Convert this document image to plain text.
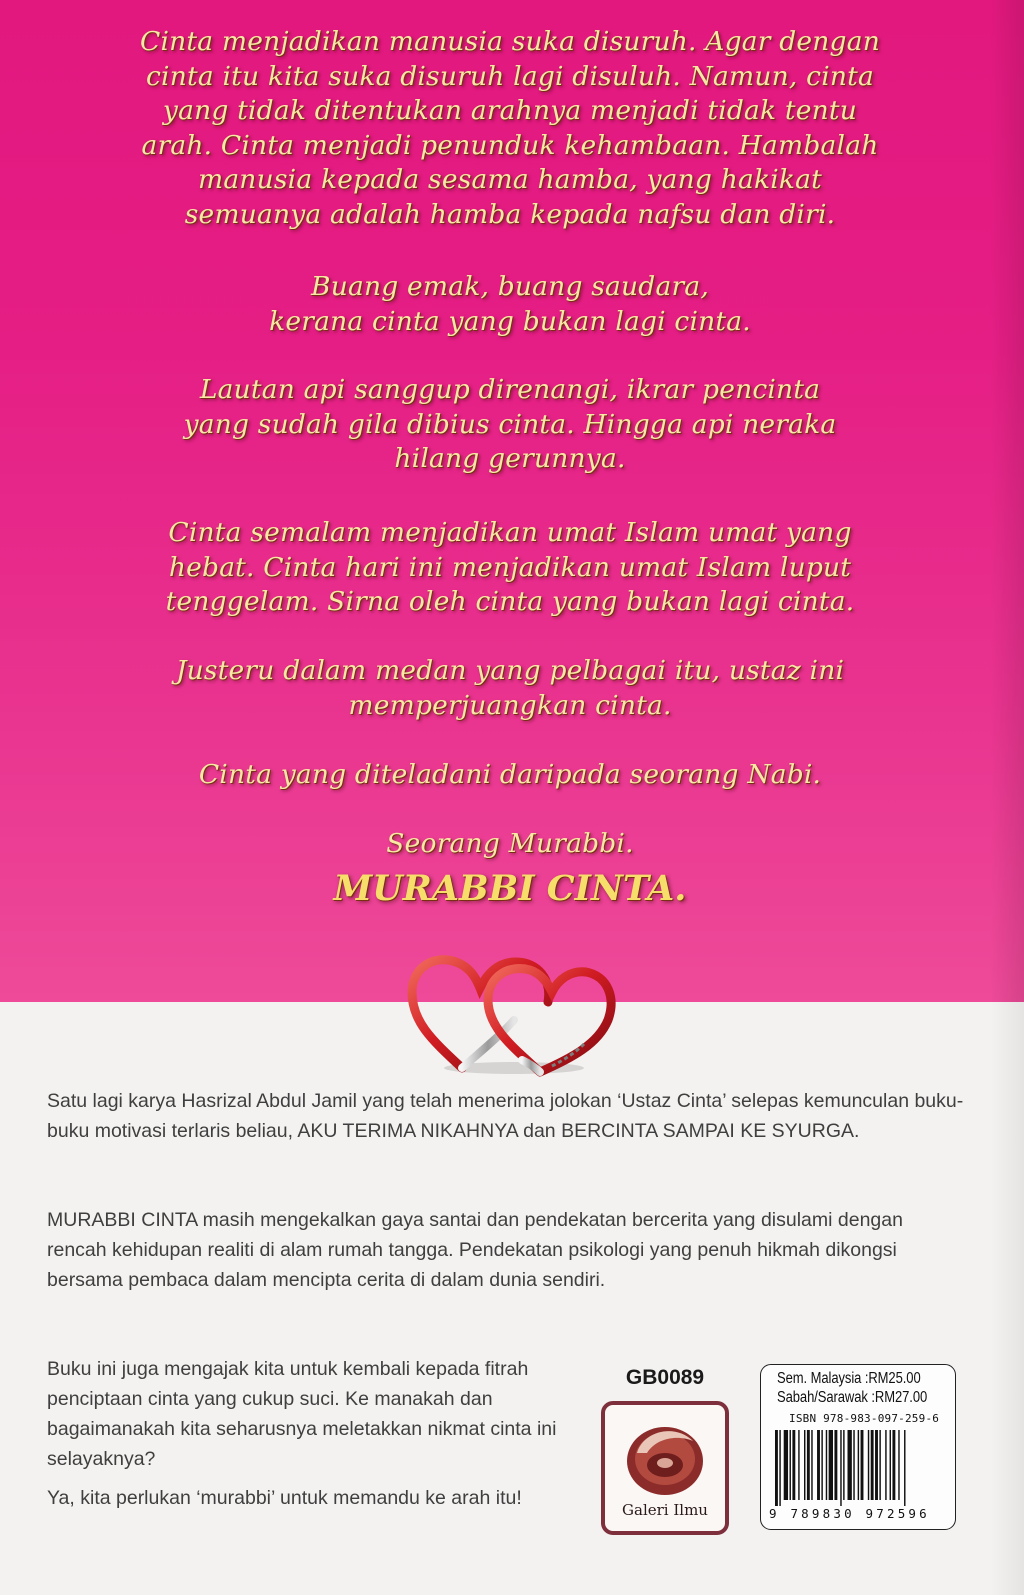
Cinta menjadikan manusia suka disuruh. Agar dengan
cinta itu kita suka disuruh lagi disuluh. Namun, cinta
yang tidak ditentukan arahnya menjadi tidak tentu
arah. Cinta menjadi penunduk kehambaan. Hambalah
manusia kepada sesama hamba, yang hakikat
semuanya adalah hamba kepada nafsu dan diri.

Buang emak, buang saudara,
kerana cinta yang bukan lagi cinta.

Lautan api sanggup direnangi, ikrar pencinta
yang sudah gila dibius cinta. Hingga api neraka
hilang gerunnya.

Cinta semalam menjadikan umat Islam umat yang
hebat. Cinta hari ini menjadikan umat Islam luput
tenggelam. Sirna oleh cinta yang bukan lagi cinta.

Justeru dalam medan yang pelbagai itu, ustaz ini
memperjuangkan cinta.

Cinta yang diteladani daripada seorang Nabi.

Seorang Murabbi.

MURABBI CINTA.

Satu lagi karya Hasrizal Abdul Jamil yang telah menerima jolokan ‘Ustaz Cinta’ selepas kemunculan buku-buku motivasi terlaris beliau, AKU TERIMA NIKAHNYA dan BERCINTA SAMPAI KE SYURGA.

MURABBI CINTA masih mengekalkan gaya santai dan pendekatan bercerita yang disulami dengan rencah kehidupan realiti di alam rumah tangga. Pendekatan psikologi yang penuh hikmah dikongsi bersama pembaca dalam mencipta cerita di dalam dunia sendiri.

Buku ini juga mengajak kita untuk kembali kepada fitrah penciptaan cinta yang cukup suci. Ke manakah dan bagaimanakah kita seharusnya meletakkan nikmat cinta ini selayaknya?

Ya, kita perlukan ‘murabbi’ untuk memandu ke arah itu!

GB0089

Galeri Ilmu
Sem. Malaysia :RM25.00
Sabah/Sarawak :RM27.00
ISBN 978-983-097-259-6
9 789830 972596
